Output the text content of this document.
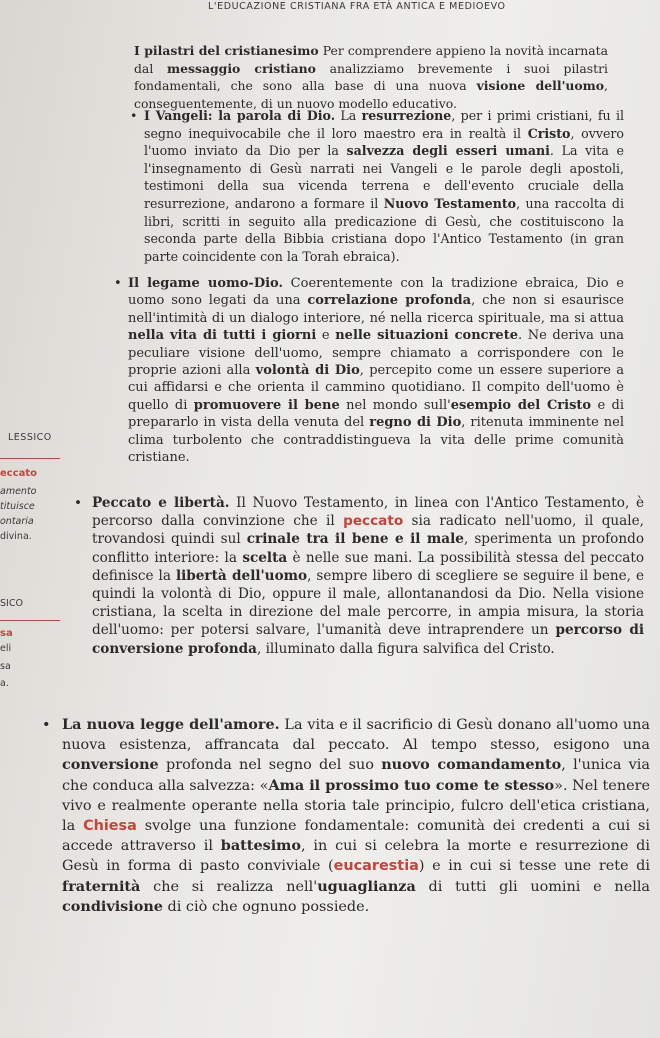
L'EDUCAZIONE CRISTIANA FRA ETÀ ANTICA E MEDIOEVO
I pilastri del cristianesimo Per comprendere appieno la novità incarnata dal messaggio cristiano analizziamo brevemente i suoi pilastri fondamentali, che sono alla base di una nuova visione dell'uomo, conseguentemente, di un nuovo modello educativo.
• I Vangeli: la parola di Dio. La resurrezione, per i primi cristiani, fu il segno inequivocabile che il loro maestro era in realtà il Cristo, ovvero l'uomo inviato da Dio per la salvezza degli esseri umani. La vita e l'insegnamento di Gesù narrati nei Vangeli e le parole degli apostoli, testimoni della sua vicenda terrena e dell'evento cruciale della resurrezione, andarono a formare il Nuovo Testamento, una raccolta di libri, scritti in seguito alla predicazione di Gesù, che costituiscono la seconda parte della Bibbia cristiana dopo l'Antico Testamento (in gran parte coincidente con la Torah ebraica).
• Il legame uomo-Dio. Coerentemente con la tradizione ebraica, Dio e uomo sono legati da una correlazione profonda, che non si esaurisce nell'intimità di un dialogo interiore, né nella ricerca spirituale, ma si attua nella vita di tutti i giorni e nelle situazioni concrete. Ne deriva una peculiare visione dell'uomo, sempre chiamato a corrispondere con le proprie azioni alla volontà di Dio, percepito come un essere superiore a cui affidarsi e che orienta il cammino quotidiano. Il compito dell'uomo è quello di promuovere il bene nel mondo sull'esempio del Cristo e di prepararlo in vista della venuta del regno di Dio, ritenuta imminente nel clima turbolento che contraddistingueva la vita delle prime comunità cristiane.
• Peccato e libertà. Il Nuovo Testamento, in linea con l'Antico Testamento, è percorso dalla convinzione che il peccato sia radicato nell'uomo, il quale, trovandosi quindi sul crinale tra il bene e il male, sperimenta un profondo conflitto interiore: la scelta è nelle sue mani. La possibilità stessa del peccato definisce la libertà dell'uomo, sempre libero di scegliere se seguire il bene, e quindi la volontà di Dio, oppure il male, allontanandosi da Dio. Nella visione cristiana, la scelta in direzione del male percorre, in ampia misura, la storia dell'uomo: per potersi salvare, l'umanità deve intraprendere un percorso di conversione profonda, illuminato dalla figura salvifica del Cristo.
• La nuova legge dell'amore. La vita e il sacrificio di Gesù donano all'uomo una nuova esistenza, affrancata dal peccato. Al tempo stesso, esigono una conversione profonda nel segno del suo nuovo comandamento, l'unica via che conduca alla salvezza: «Ama il prossimo tuo come te stesso». Nel tenere vivo e realmente operante nella storia tale principio, fulcro dell'etica cristiana, la Chiesa svolge una funzione fondamentale: comunità dei credenti a cui si accede attraverso il battesimo, in cui si celebra la morte e resurrezione di Gesù in forma di pasto conviviale (eucarestia) e in cui si tesse une rete di fraternità che si realizza nell'uguaglianza di tutti gli uomini e nella condivisione di ciò che ognuno possiede.
LESSICO
eccato
amento
tituisce
ontaria
divina.
SICO
sa
eli
sa
a.
